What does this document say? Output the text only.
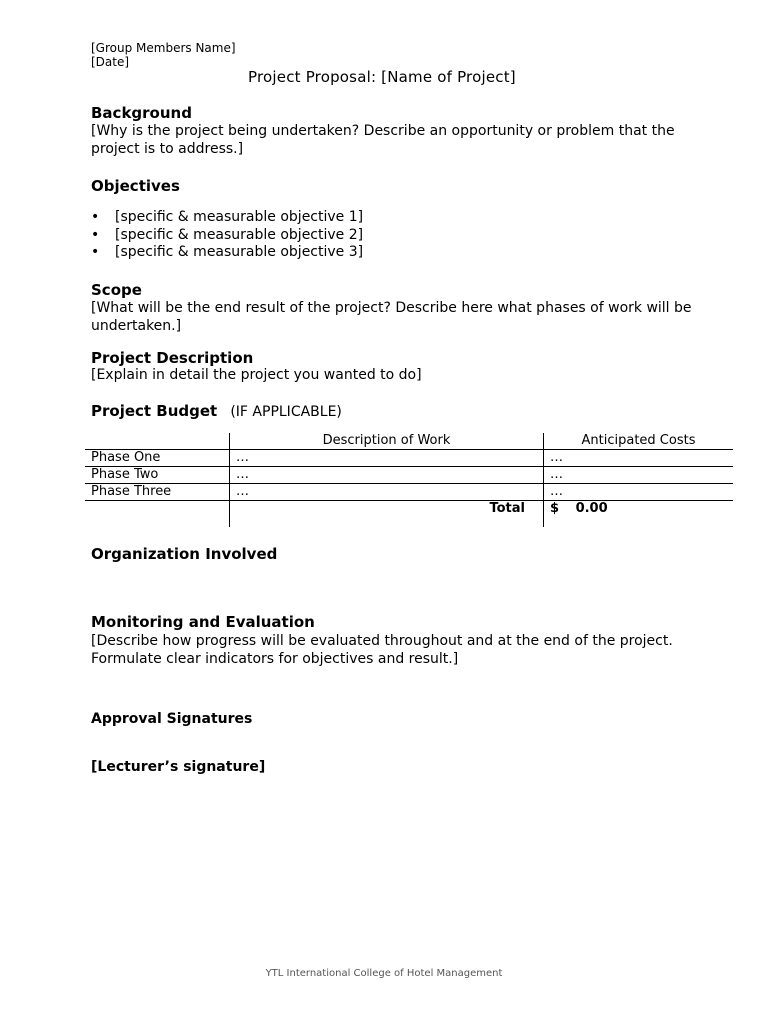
[Group Members Name]
[Date]
Project Proposal: [Name of Project]
Background
[Why is the project being undertaken? Describe an opportunity or problem that the project is to address.]
Objectives
• [specific & measurable objective 1]
• [specific & measurable objective 2]
• [specific & measurable objective 3]
Scope
[What will be the end result of the project? Describe here what phases of work will be undertaken.]
Project Description
[Explain in detail the project you wanted to do]
Project Budget (IF APPLICABLE)
	Description of Work	Anticipated Costs
Phase One	…	…
Phase Two	…	…
Phase Three	…	…
	Total	$ 0.00
Organization Involved
Monitoring and Evaluation
[Describe how progress will be evaluated throughout and at the end of the project. Formulate clear indicators for objectives and result.]
Approval Signatures
[Lecturer’s signature]
YTL International College of Hotel Management
